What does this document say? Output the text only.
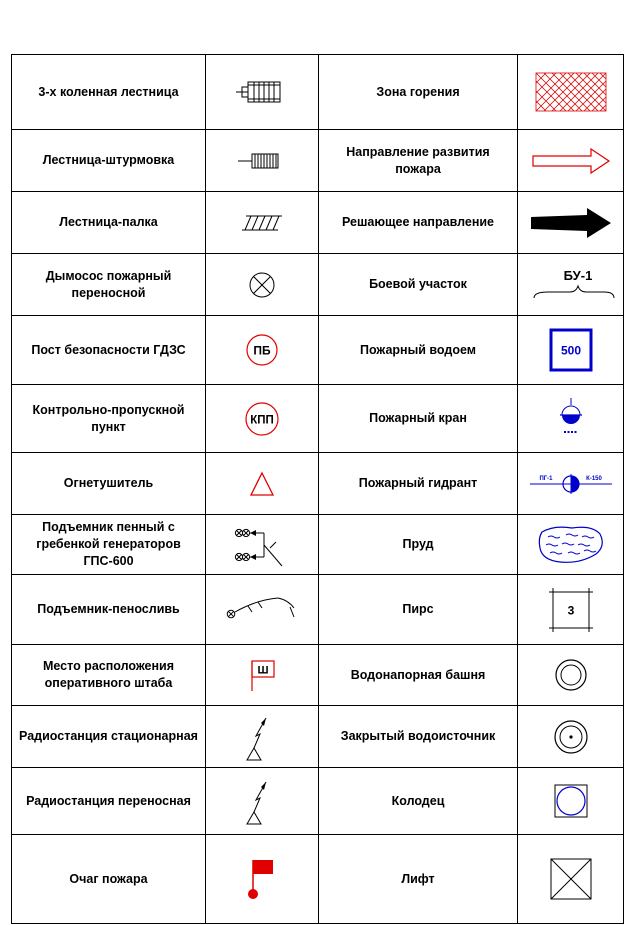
3-х коленная лестница		Зона горения	

Лестница-штурмовка		Направление развития пожара	

Лестница-палка		Решающее направление	

Дымосос пожарный переносной		Боевой участок	БУ-1

Пост безопасности ГДЗС	ПБ	Пожарный водоем	500

Контрольно-пропускной пункт	КПП	Пожарный кран	

Огнетушитель		Пожарный гидрант	ПГ-1 К-150

Подъемник пенный с гребенкой генераторов ГПС-600		Пруд	

Подъемник-пеносливь		Пирс	3

Место расположения оперативного штаба	Ш	Водонапорная башня	

Радиостанция стационарная		Закрытый водоисточник	

Радиостанция переносная		Колодец	

Очаг пожара		Лифт	
